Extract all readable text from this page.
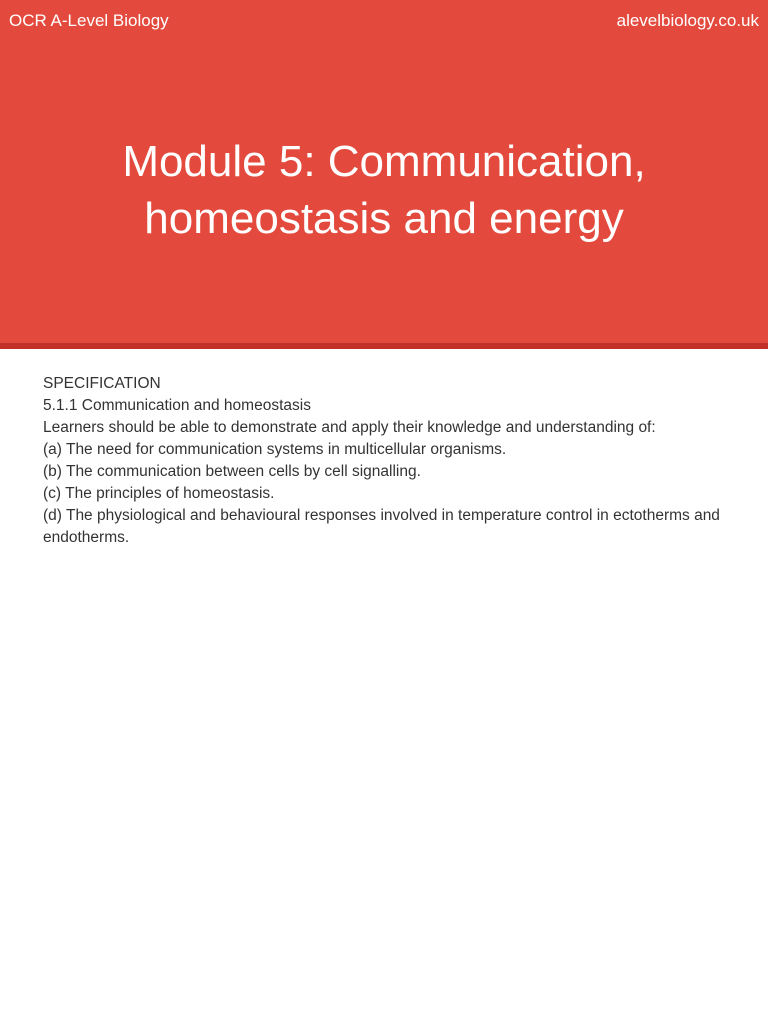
OCR A-Level Biology	alevelbiology.co.uk
Module 5: Communication,
homeostasis and energy
SPECIFICATION
5.1.1 Communication and homeostasis
Learners should be able to demonstrate and apply their knowledge and understanding of:
(a) The need for communication systems in multicellular organisms.
(b) The communication between cells by cell signalling.
(c) The principles of homeostasis.
(d) The physiological and behavioural responses involved in temperature control in ectotherms and endotherms.
